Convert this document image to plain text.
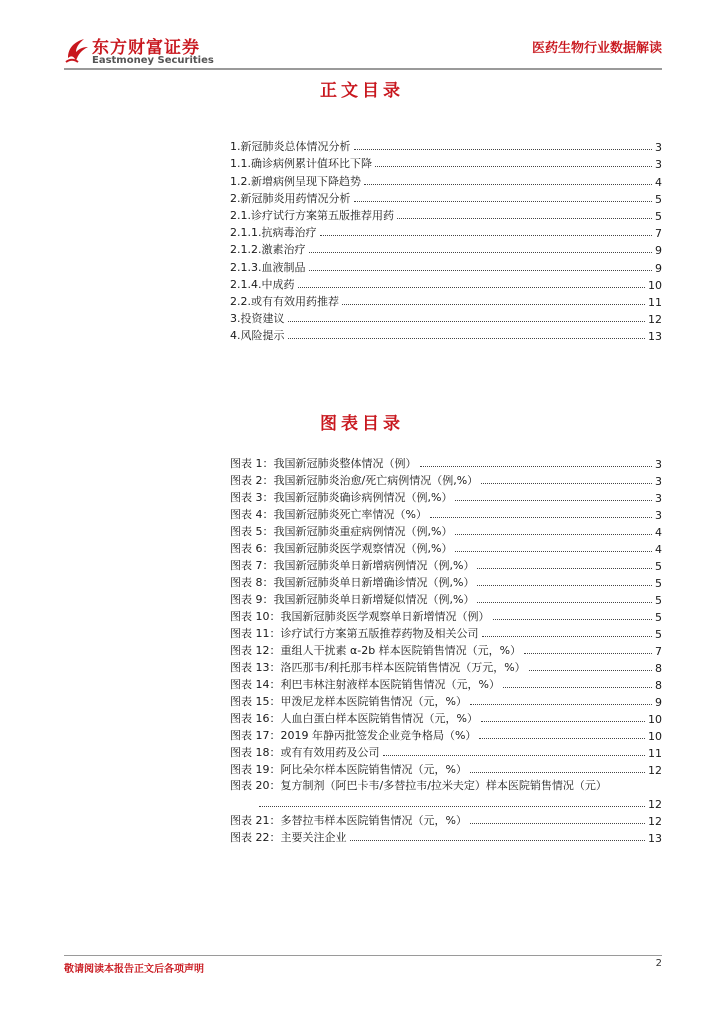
东方财富证券
Eastmoney Securities
医药生物行业数据解读
正文目录
1.新冠肺炎总体情况分析	3
1.1.确诊病例累计值环比下降	3
1.2.新增病例呈现下降趋势	4
2.新冠肺炎用药情况分析	5
2.1.诊疗试行方案第五版推荐用药	5
2.1.1.抗病毒治疗	7
2.1.2.激素治疗	9
2.1.3.血液制品	9
2.1.4.中成药	10
2.2.或有有效用药推荐	11
3.投资建议	12
4.风险提示	13
图表目录
图表 1：我国新冠肺炎整体情况（例）	3
图表 2：我国新冠肺炎治愈/死亡病例情况（例,%）	3
图表 3：我国新冠肺炎确诊病例情况（例,%）	3
图表 4：我国新冠肺炎死亡率情况（%）	3
图表 5：我国新冠肺炎重症病例情况（例,%）	4
图表 6：我国新冠肺炎医学观察情况（例,%）	4
图表 7：我国新冠肺炎单日新增病例情况（例,%）	5
图表 8：我国新冠肺炎单日新增确诊情况（例,%）	5
图表 9：我国新冠肺炎单日新增疑似情况（例,%）	5
图表 10：我国新冠肺炎医学观察单日新增情况（例）	5
图表 11：诊疗试行方案第五版推荐药物及相关公司	5
图表 12：重组人干扰素 α-2b 样本医院销售情况（元，%）	7
图表 13：洛匹那韦/利托那韦样本医院销售情况（万元，%）	8
图表 14：利巴韦林注射液样本医院销售情况（元，%）	8
图表 15：甲泼尼龙样本医院销售情况（元，%）	9
图表 16：人血白蛋白样本医院销售情况（元，%）	10
图表 17：2019 年静丙批签发企业竞争格局（%）	10
图表 18：或有有效用药及公司	11
图表 19：阿比朵尔样本医院销售情况（元，%）	12
图表 20：复方制剂（阿巴卡韦/多替拉韦/拉米夫定）样本医院销售情况（元）
12
图表 21：多替拉韦样本医院销售情况（元，%）	12
图表 22：主要关注企业	13
敬请阅读本报告正文后各项声明
2
